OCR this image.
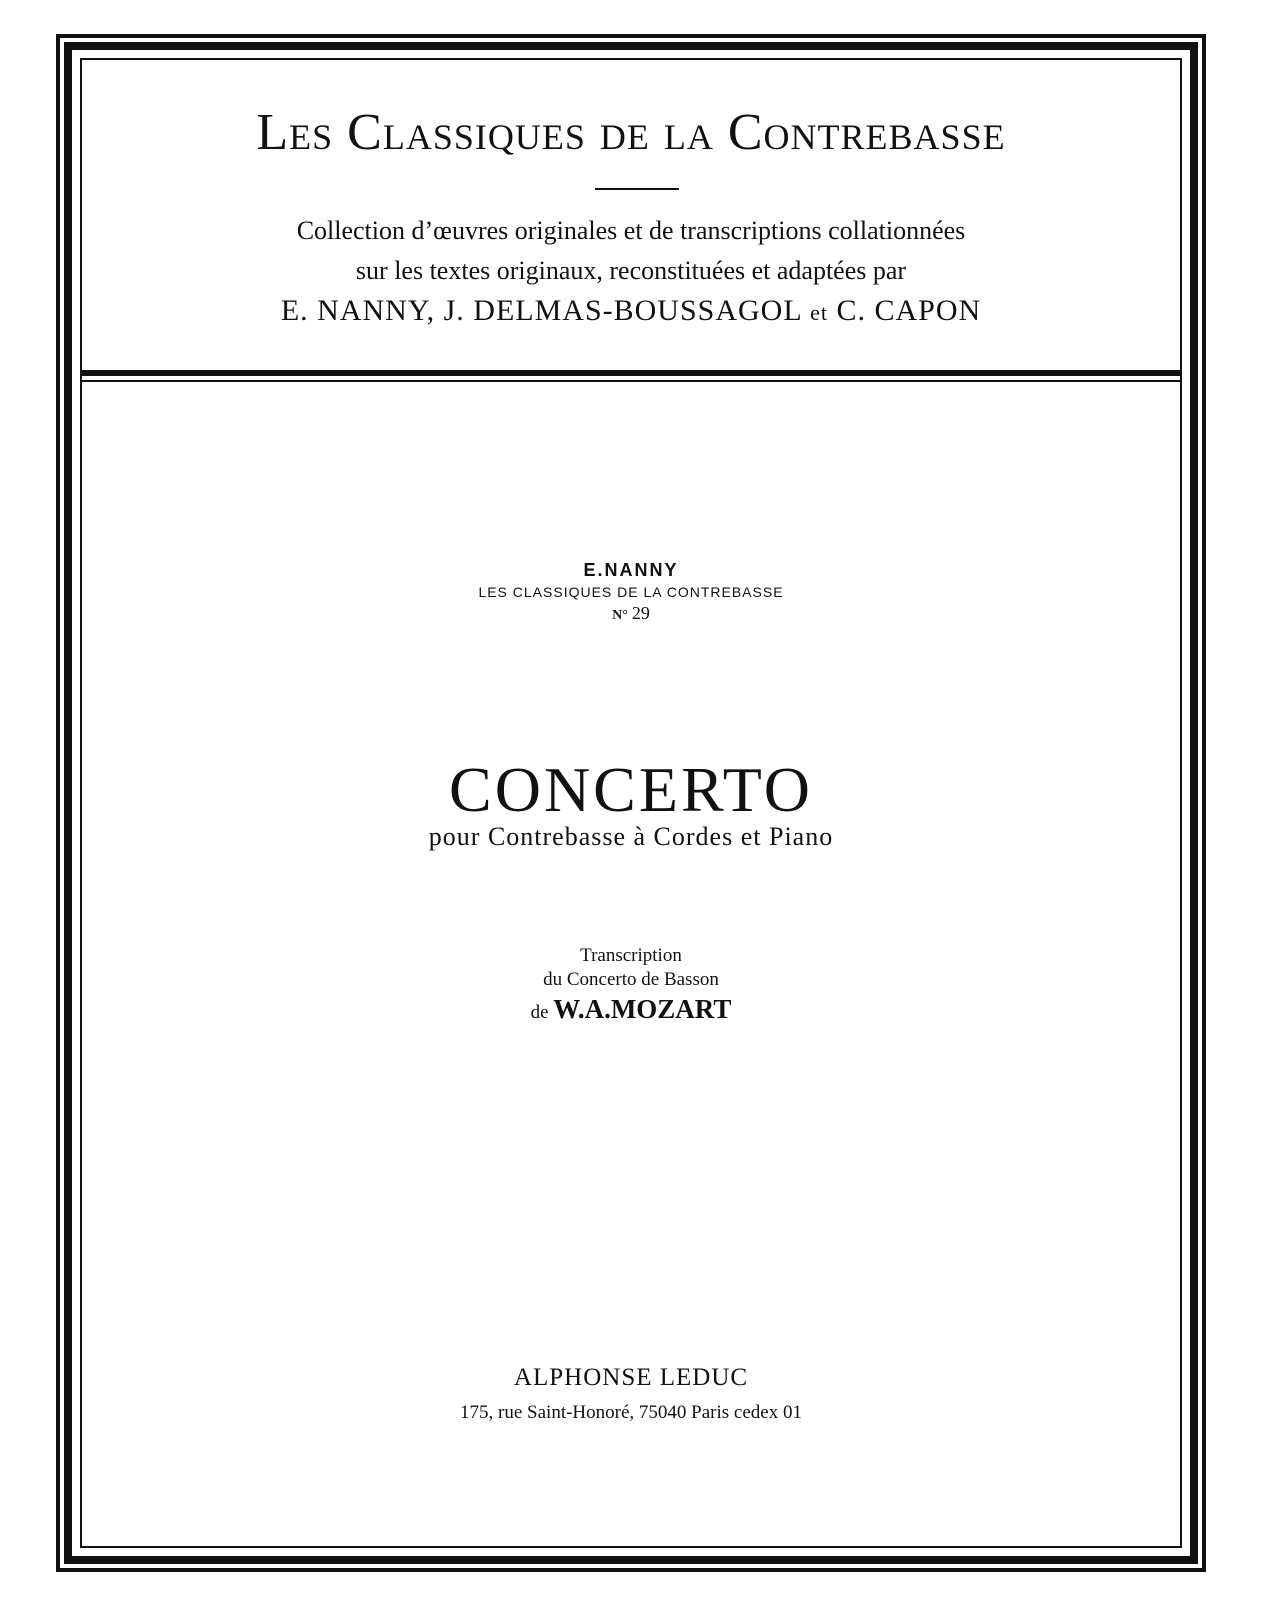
Les Classiques de la Contrebasse
Collection d’œuvres originales et de transcriptions collationnées
sur les textes originaux, reconstituées et adaptées par
E. NANNY, J. DELMAS-BOUSSAGOL et C. CAPON
E.NANNY
LES CLASSIQUES DE LA CONTREBASSE
N° 29
CONCERTO
pour Contrebasse à Cordes et Piano
Transcription
du Concerto de Basson
de W.A.MOZART
ALPHONSE LEDUC
175, rue Saint-Honoré, 75040 Paris cedex 01
